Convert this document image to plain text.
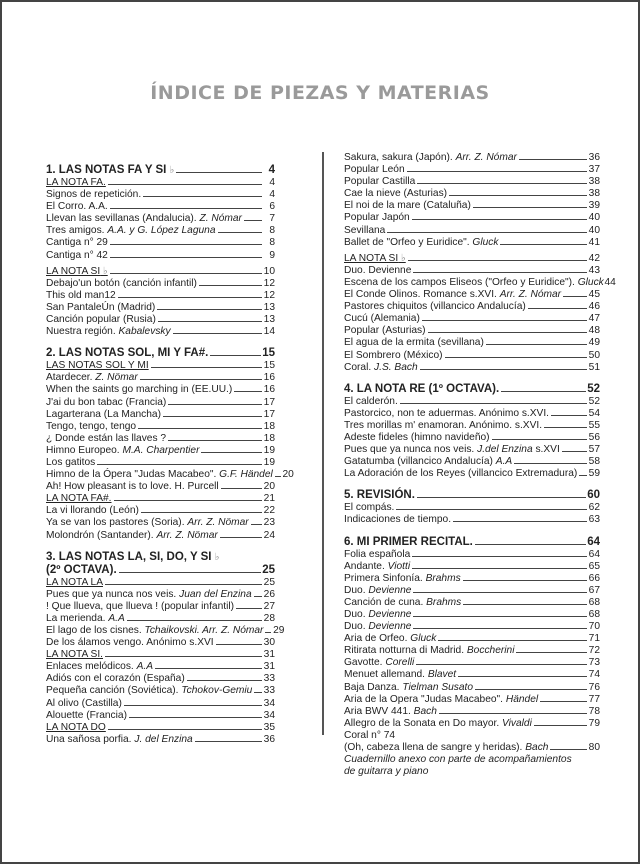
ÍNDICE DE PIEZAS Y MATERIAS
1. LAS NOTAS FA Y SI ♭	4
LA NOTA FA.	4
Signos de repetición.	4
El Corro. A.A.	6
Llevan las sevillanas (Andalucia). Z. Nómar	7
Tres amigos. A.A. y G. López Laguna	8
Cantiga n° 29	8
Cantiga n° 42	9
LA NOTA SI ♭	10
Debajo'un botón (canción infantil)	12
This old man12	12
San PantaleÚn (Madrid)	13
Canción popular (Rusia)	13
Nuestra región. Kabalevsky	14
2. LAS NOTAS SOL, MI Y FA#.	15
LAS NOTAS SOL Y MI	15
Atardecer. Z. Nömar	16
When the saints go marching in (EE.UU.)	16
J'ai du bon tabac (Francia)	17
Lagarterana (La Mancha)	17
Tengo, tengo, tengo	18
¿ Donde están las llaves ?	18
Himno Europeo. M.A. Charpentier	19
Los gatitos	19
Himno de la Ópera "Judas Macabeo". G.F. Händel 20
Ah! How pleasant is to love. H. Purcell	20
LA NOTA FA#.	21
La vi llorando (León)	22
Ya se van los pastores (Soria). Arr. Z. Nömar 23
Molondrón (Santander). Arr. Z. Nömar	24
3. LAS NOTAS LA, SI, DO, Y SI ♭
(2º OCTAVA).	25
LA NOTA LA	25
Pues que ya nunca nos veis. Juan del Enzina 26
! Que llueva, que llueva ! (popular infantil)	27
La merienda. A.A	28
El lago de los cisnes. Tchaikovski. Arr. Z. Nómar 29
De los álamos vengo. Anónimo s.XVI	30
LA NOTA SI.	31
Enlaces melódicos. A.A	31
Adiós con el corazón (España)	33
Pequeña canción (Soviética). Tchokov-Gemiu 33
Al olivo (Castilla)	34
Alouette (Francia)	34
LA NOTA DO	35
Una sañosa porfia. J. del Enzina	36
Sakura, sakura (Japón). Arr. Z. Nómar	36
Popular León	37
Popular Castilla	38
Cae la nieve (Asturias)	38
El noi de la mare (Cataluña)	39
Popular Japón	40
Sevillana	40
Ballet de "Orfeo y Euridice". Gluck	41
LA NOTA SI ♭	42
Duo. Devienne	43
Escena de los campos Eliseos ("Orfeo y Euridice"). Gluck 44
El Conde Olinos. Romance s.XVI. Arr. Z. Nómar	45
Pastores chiquitos (villancico Andalucía)	46
Cucú (Alemania)	47
Popular (Asturias)	48
El agua de la ermita (sevillana)	49
El Sombrero (México)	50
Coral. J.S. Bach	51
4. LA NOTA RE (1º OCTAVA).	52
El calderón.	52
Pastorcico, non te aduermas. Anónimo s.XVI.	54
Tres morillas m' enamoran. Anónimo. s.XVI.	55
Adeste fideles (himno navideño)	56
Pues que ya nunca nos veis. J.del Enzina s.XVI	57
Gatatumba (villancico Andalucía) A.A	58
La Adoración de los Reyes (villancico Extremadura) 59
5. REVISIÓN.	60
El compás.	62
Indicaciones de tiempo.	63
6. MI PRIMER RECITAL.	64
Folia española	64
Andante. Viotti	65
Primera Sinfonía. Brahms	66
Duo. Devienne	67
Canción de cuna. Brahms	68
Duo. Devienne	68
Duo. Devienne	70
Aria de Orfeo. Gluck	71
Ritirata notturna di Madrid. Boccherini	72
Gavotte. Corelli	73
Menuet allemand. Blavet	74
Baja Danza. Tielman Susato	76
Aria de la Opera "Judas Macabeo". Händel	77
Aria BWV 441. Bach	78
Allegro de la Sonata en Do mayor. Vivaldi	79
Coral n° 74
(Oh, cabeza llena de sangre y heridas). Bach	80
Cuadernillo anexo con parte de acompañamientos
de guitarra y piano
